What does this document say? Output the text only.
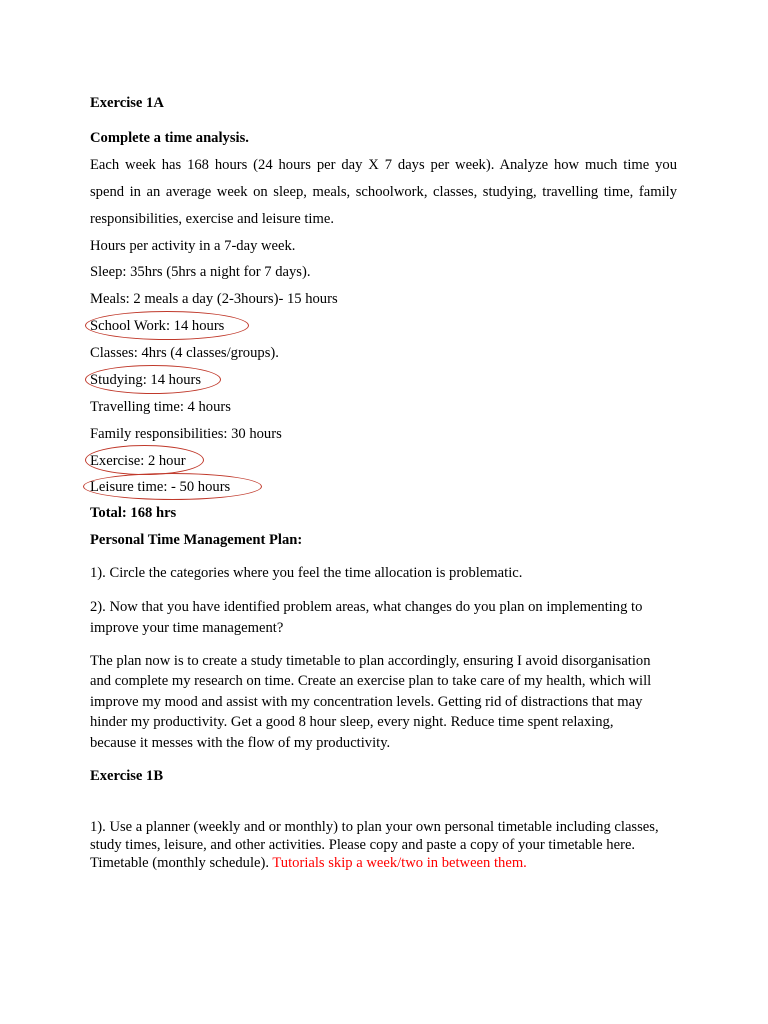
Exercise 1A
Complete a time analysis.
Each week has 168 hours (24 hours per day X 7 days per week). Analyze how much time you
spend in an average week on sleep, meals, schoolwork, classes, studying, travelling time, family
responsibilities, exercise and leisure time.
Hours per activity in a 7-day week.
Sleep: 35hrs (5hrs a night for 7 days).
Meals: 2 meals a day (2-3hours)- 15 hours
School Work: 14 hours
Classes: 4hrs (4 classes/groups).
Studying: 14 hours
Travelling time: 4 hours
Family responsibilities: 30 hours
Exercise: 2 hour
Leisure time: - 50 hours
Total: 168 hrs
Personal Time Management Plan:
1). Circle the categories where you feel the time allocation is problematic.
2). Now that you have identified problem areas, what changes do you plan on implementing to
improve your time management?
The plan now is to create a study timetable to plan accordingly, ensuring I avoid disorganisation
and complete my research on time. Create an exercise plan to take care of my health, which will
improve my mood and assist with my concentration levels. Getting rid of distractions that may
hinder my productivity. Get a good 8 hour sleep, every night. Reduce time spent relaxing,
because it messes with the flow of my productivity.
Exercise 1B
1). Use a planner (weekly and or monthly) to plan your own personal timetable including classes,
study times, leisure, and other activities. Please copy and paste a copy of your timetable here.
Timetable (monthly schedule). Tutorials skip a week/two in between them.
